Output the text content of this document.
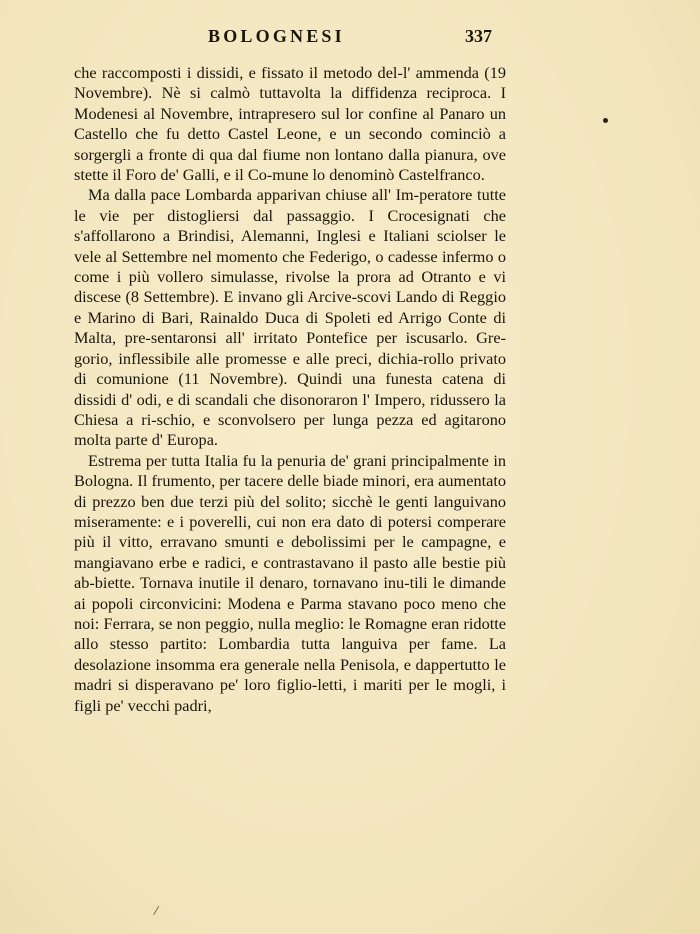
BOLOGNESI	337

che raccomposti i dissidi, e fissato il metodo del-l' ammenda (19 Novembre). Nè si calmò tuttavolta la diffidenza reciproca. I Modenesi al Novembre, intrapresero sul lor confine al Panaro un Castello che fu detto Castel Leone, e un secondo cominciò a sorgergli a fronte di qua dal fiume non lontano dalla pianura, ove stette il Foro de' Galli, e il Co-mune lo denominò Castelfranco.

Ma dalla pace Lombarda apparivan chiuse all' Im-peratore tutte le vie per distogliersi dal passaggio. I Crocesignati che s'affollarono a Brindisi, Alemanni, Inglesi e Italiani sciolser le vele al Settembre nel momento che Federigo, o cadesse infermo o come i più vollero simulasse, rivolse la prora ad Otranto e vi discese (8 Settembre). E invano gli Arcive-scovi Lando di Reggio e Marino di Bari, Rainaldo Duca di Spoleti ed Arrigo Conte di Malta, pre-sentaronsi all' irritato Pontefice per iscusarlo. Gre-gorio, inflessibile alle promesse e alle preci, dichia-rollo privato di comunione (11 Novembre). Quindi una funesta catena di dissidi d' odi, e di scandali che disonoraron l' Impero, ridussero la Chiesa a ri-schio, e sconvolsero per lunga pezza ed agitarono molta parte d' Europa.

Estrema per tutta Italia fu la penuria de' grani principalmente in Bologna. Il frumento, per tacere delle biade minori, era aumentato di prezzo ben due terzi più del solito; sicchè le genti languivano miseramente: e i poverelli, cui non era dato di potersi comperare più il vitto, erravano smunti e debolissimi per le campagne, e mangiavano erbe e radici, e contrastavano il pasto alle bestie più ab-biette. Tornava inutile il denaro, tornavano inu-tili le dimande ai popoli circonvicini: Modena e Parma stavano poco meno che noi: Ferrara, se non peggio, nulla meglio: le Romagne eran ridotte allo stesso partito: Lombardia tutta languiva per fame. La desolazione insomma era generale nella Penisola, e dappertutto le madri si disperavano pe' loro figlio-letti, i mariti per le mogli, i figli pe' vecchi padri,

/
